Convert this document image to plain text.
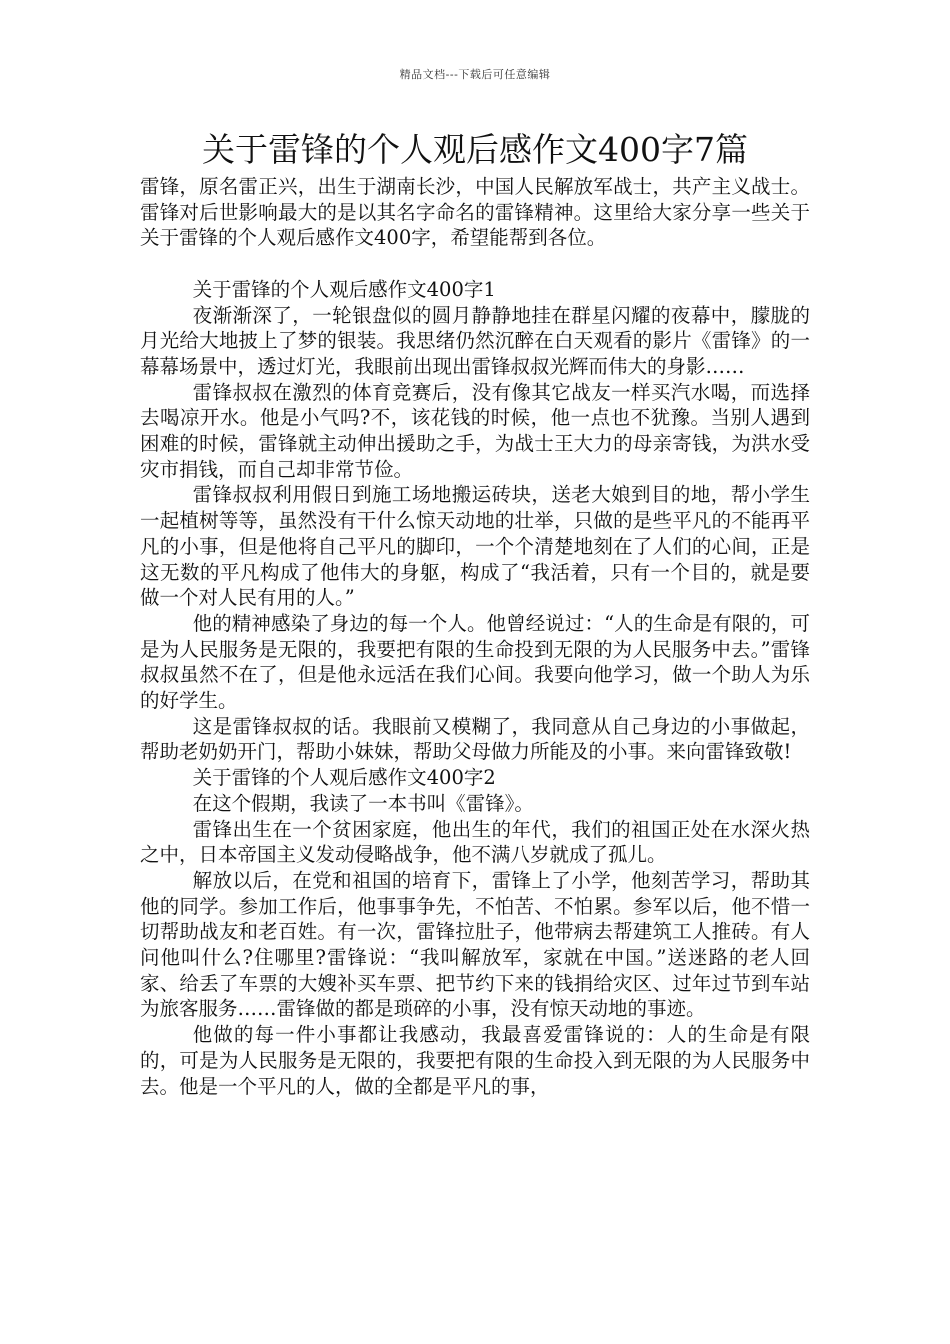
精品文档---下载后可任意编辑
关于雷锋的个人观后感作文400字7篇

雷锋，原名雷正兴，出生于湖南长沙，中国人民解放军战士，共产主义战士。雷锋对后世影响最大的是以其名字命名的雷锋精神。这里给大家分享一些关于关于雷锋的个人观后感作文400字，希望能帮到各位。

关于雷锋的个人观后感作文400字1

夜渐渐深了，一轮银盘似的圆月静静地挂在群星闪耀的夜幕中，朦胧的月光给大地披上了梦的银装。我思绪仍然沉醉在白天观看的影片《雷锋》的一幕幕场景中，透过灯光，我眼前出现出雷锋叔叔光辉而伟大的身影……

雷锋叔叔在激烈的体育竞赛后，没有像其它战友一样买汽水喝，而选择去喝凉开水。他是小气吗?不，该花钱的时候，他一点也不犹豫。当别人遇到困难的时候，雷锋就主动伸出援助之手，为战士王大力的母亲寄钱，为洪水受灾市捐钱，而自己却非常节俭。

雷锋叔叔利用假日到施工场地搬运砖块，送老大娘到目的地，帮小学生一起植树等等，虽然没有干什么惊天动地的壮举，只做的是些平凡的不能再平凡的小事，但是他将自己平凡的脚印，一个个清楚地刻在了人们的心间，正是这无数的平凡构成了他伟大的身躯，构成了“我活着，只有一个目的，就是要做一个对人民有用的人。”

他的精神感染了身边的每一个人。他曾经说过：“人的生命是有限的，可是为人民服务是无限的，我要把有限的生命投到无限的为人民服务中去。”雷锋叔叔虽然不在了，但是他永远活在我们心间。我要向他学习，做一个助人为乐的好学生。

这是雷锋叔叔的话。我眼前又模糊了，我同意从自己身边的小事做起，帮助老奶奶开门，帮助小妹妹，帮助父母做力所能及的小事。来向雷锋致敬!

关于雷锋的个人观后感作文400字2

在这个假期，我读了一本书叫《雷锋》。

雷锋出生在一个贫困家庭，他出生的年代，我们的祖国正处在水深火热之中，日本帝国主义发动侵略战争，他不满八岁就成了孤儿。

解放以后，在党和祖国的培育下，雷锋上了小学，他刻苦学习，帮助其他的同学。参加工作后，他事事争先，不怕苦、不怕累。参军以后，他不惜一切帮助战友和老百姓。有一次，雷锋拉肚子，他带病去帮建筑工人推砖。有人问他叫什么?住哪里?雷锋说：“我叫解放军，家就在中国。”送迷路的老人回家、给丢了车票的大嫂补买车票、把节约下来的钱捐给灾区、过年过节到车站为旅客服务……雷锋做的都是琐碎的小事，没有惊天动地的事迹。

他做的每一件小事都让我感动，我最喜爱雷锋说的：人的生命是有限的，可是为人民服务是无限的，我要把有限的生命投入到无限的为人民服务中去。他是一个平凡的人，做的全都是平凡的事，
